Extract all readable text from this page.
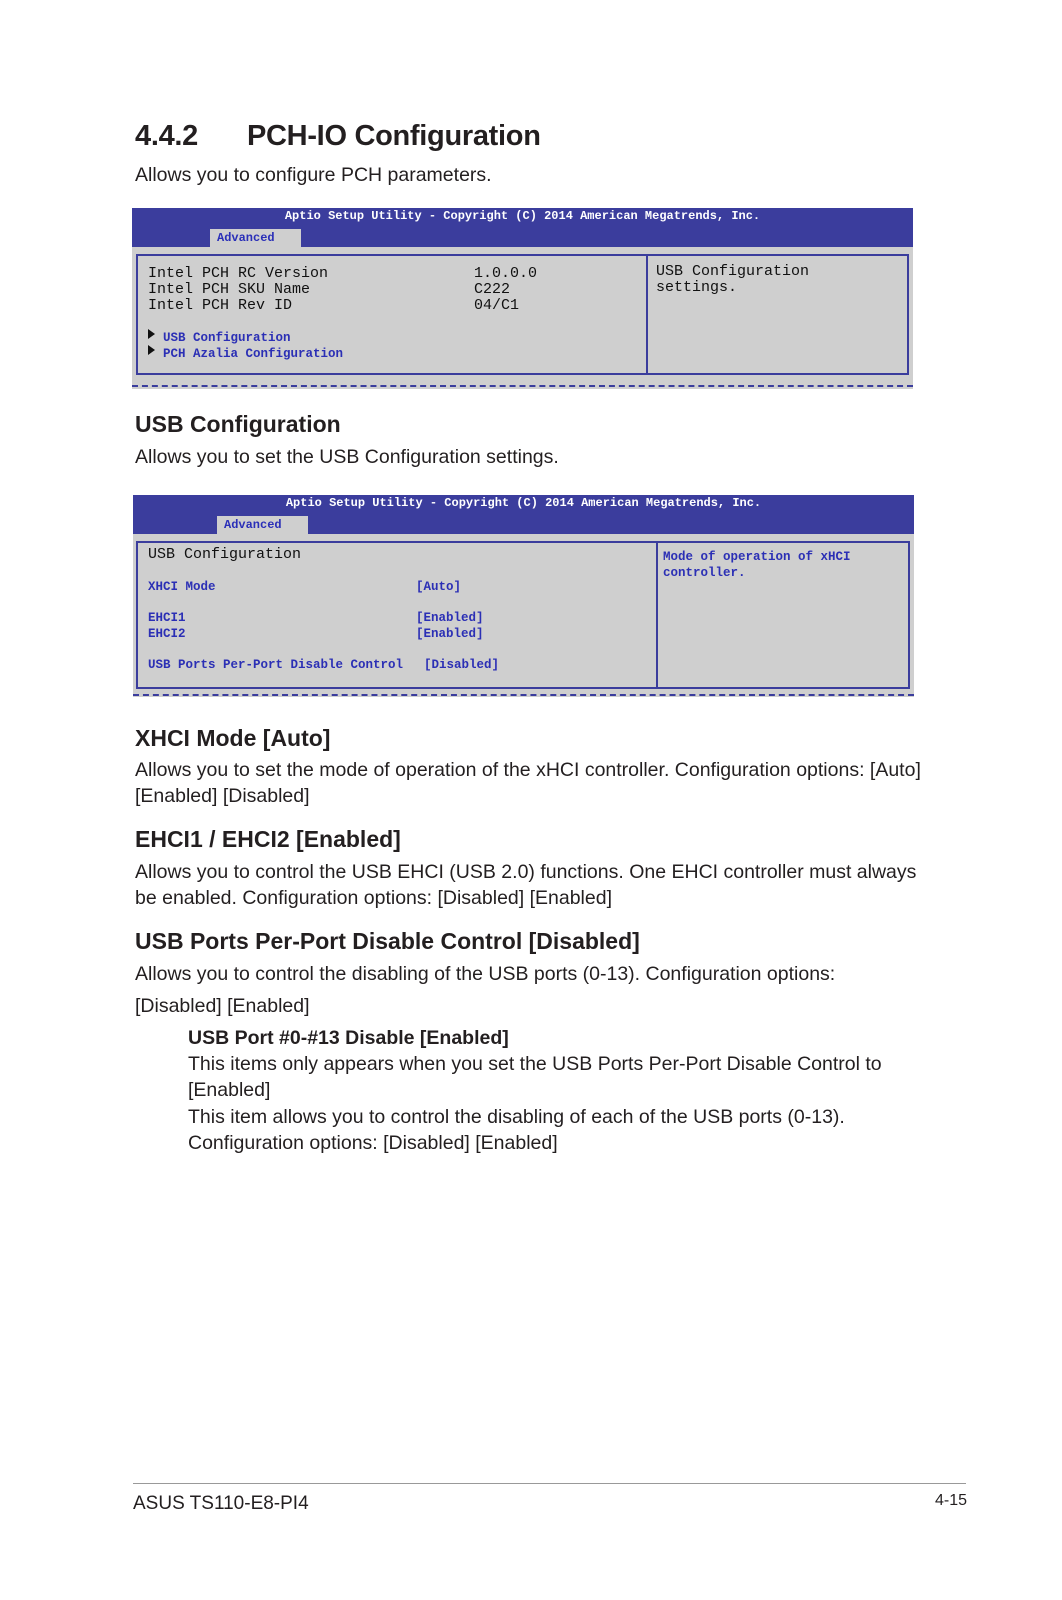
4.4.2 PCH-IO Configuration
Allows you to configure PCH parameters.
Aptio Setup Utility - Copyright (C) 2014 American Megatrends, Inc.
Advanced
Intel PCH RC Version	1.0.0.0
Intel PCH SKU Name	C222
Intel PCH Rev ID	04/C1
USB Configuration
PCH Azalia Configuration
USB Configuration
settings.
USB Configuration
Allows you to set the USB Configuration settings.
Aptio Setup Utility - Copyright (C) 2014 American Megatrends, Inc.
Advanced
USB Configuration
XHCI Mode	[Auto]
EHCI1	[Enabled]
EHCI2	[Enabled]
USB Ports Per-Port Disable Control [Disabled]
Mode of operation of xHCI
controller.
XHCI Mode [Auto]
Allows you to set the mode of operation of the xHCI controller. Configuration options: [Auto]
[Enabled] [Disabled]
EHCI1 / EHCI2 [Enabled]
Allows you to control the USB EHCI (USB 2.0) functions. One EHCI controller must always
be enabled. Configuration options: [Disabled] [Enabled]
USB Ports Per-Port Disable Control [Disabled]
Allows you to control the disabling of the USB ports (0-13). Configuration options:
[Disabled] [Enabled]
USB Port #0-#13 Disable [Enabled]
This items only appears when you set the USB Ports Per-Port Disable Control to
[Enabled]
This item allows you to control the disabling of each of the USB ports (0-13).
Configuration options: [Disabled] [Enabled]
ASUS TS110-E8-PI4	4-15
